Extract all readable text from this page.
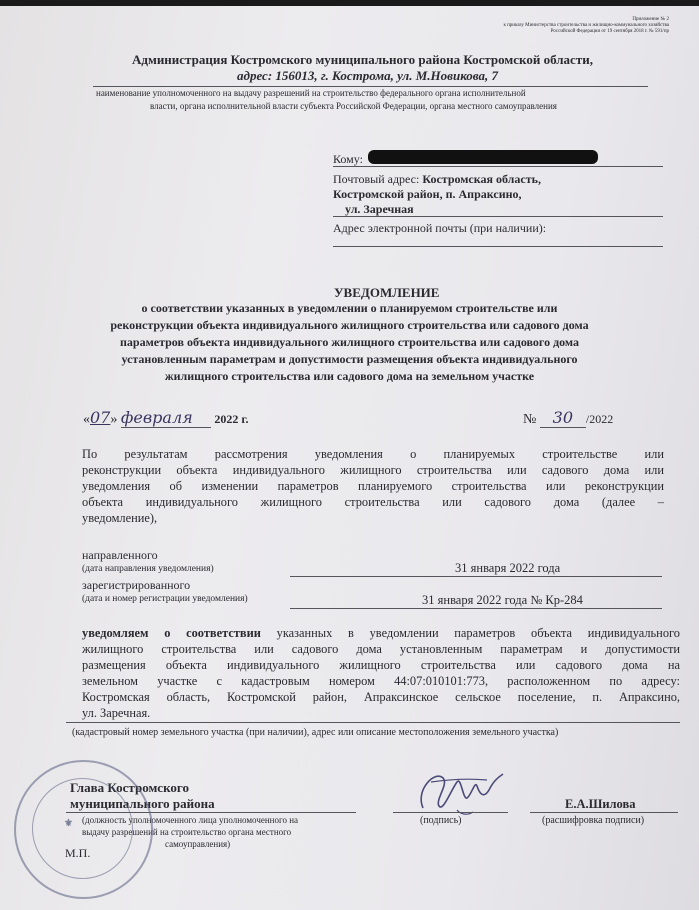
Приложение № 2
к приказу Министерства строительства и жилищно-коммунального хозяйства
Российской Федерации от 19 сентября 2018 г. № 591/пр
Администрация Костромского муниципального района Костромской области,
адрес: 156013, г. Кострома, ул. М.Новикова, 7
наименование уполномоченного на выдачу разрешений на строительство федерального органа исполнительной
власти, органа исполнительной власти субъекта Российской Федерации, органа местного самоуправления
Кому:
Почтовый адрес: Костромская область,
Костромской район, п. Апраксино,
ул. Заречная
Адрес электронной почты (при наличии):
УВЕДОМЛЕНИЕ
о соответствии указанных в уведомлении о планируемом строительстве или
реконструкции объекта индивидуального жилищного строительства или садового дома
параметров объекта индивидуального жилищного строительства или садового дома
установленным параметрам и допустимости размещения объекта индивидуального
жилищного строительства или садового дома на земельном участке
«07» февраля 2022 г.	№ 30 /2022
По результатам рассмотрения уведомления о планируемых строительстве или
реконструкции объекта индивидуального жилищного строительства или садового дома или
уведомления об изменении параметров планируемого строительства или реконструкции
объекта индивидуального жилищного строительства или садового дома (далее –
уведомление),
направленного
(дата направления уведомления)	31 января 2022 года
зарегистрированного
(дата и номер регистрации уведомления)	31 января 2022 года № Кр-284
уведомляем о соответствии указанных в уведомлении параметров объекта индивидуального
жилищного строительства или садового дома установленным параметрам и допустимости
размещения объекта индивидуального жилищного строительства или садового дома на
земельном участке с кадастровым номером 44:07:010101:773, расположенном по адресу:
Костромская область, Костромской район, Апраксинское сельское поселение, п. Апраксино,
ул. Заречная.
(кадастровый номер земельного участка (при наличии), адрес или описание местоположения земельного участка)
Глава Костромского
муниципального района
(должность уполномоченного лица уполномоченного на
выдачу разрешений на строительство органа местного
самоуправления)
(подпись)
Е.А.Шилова
(расшифровка подписи)
⚜
М.П.
